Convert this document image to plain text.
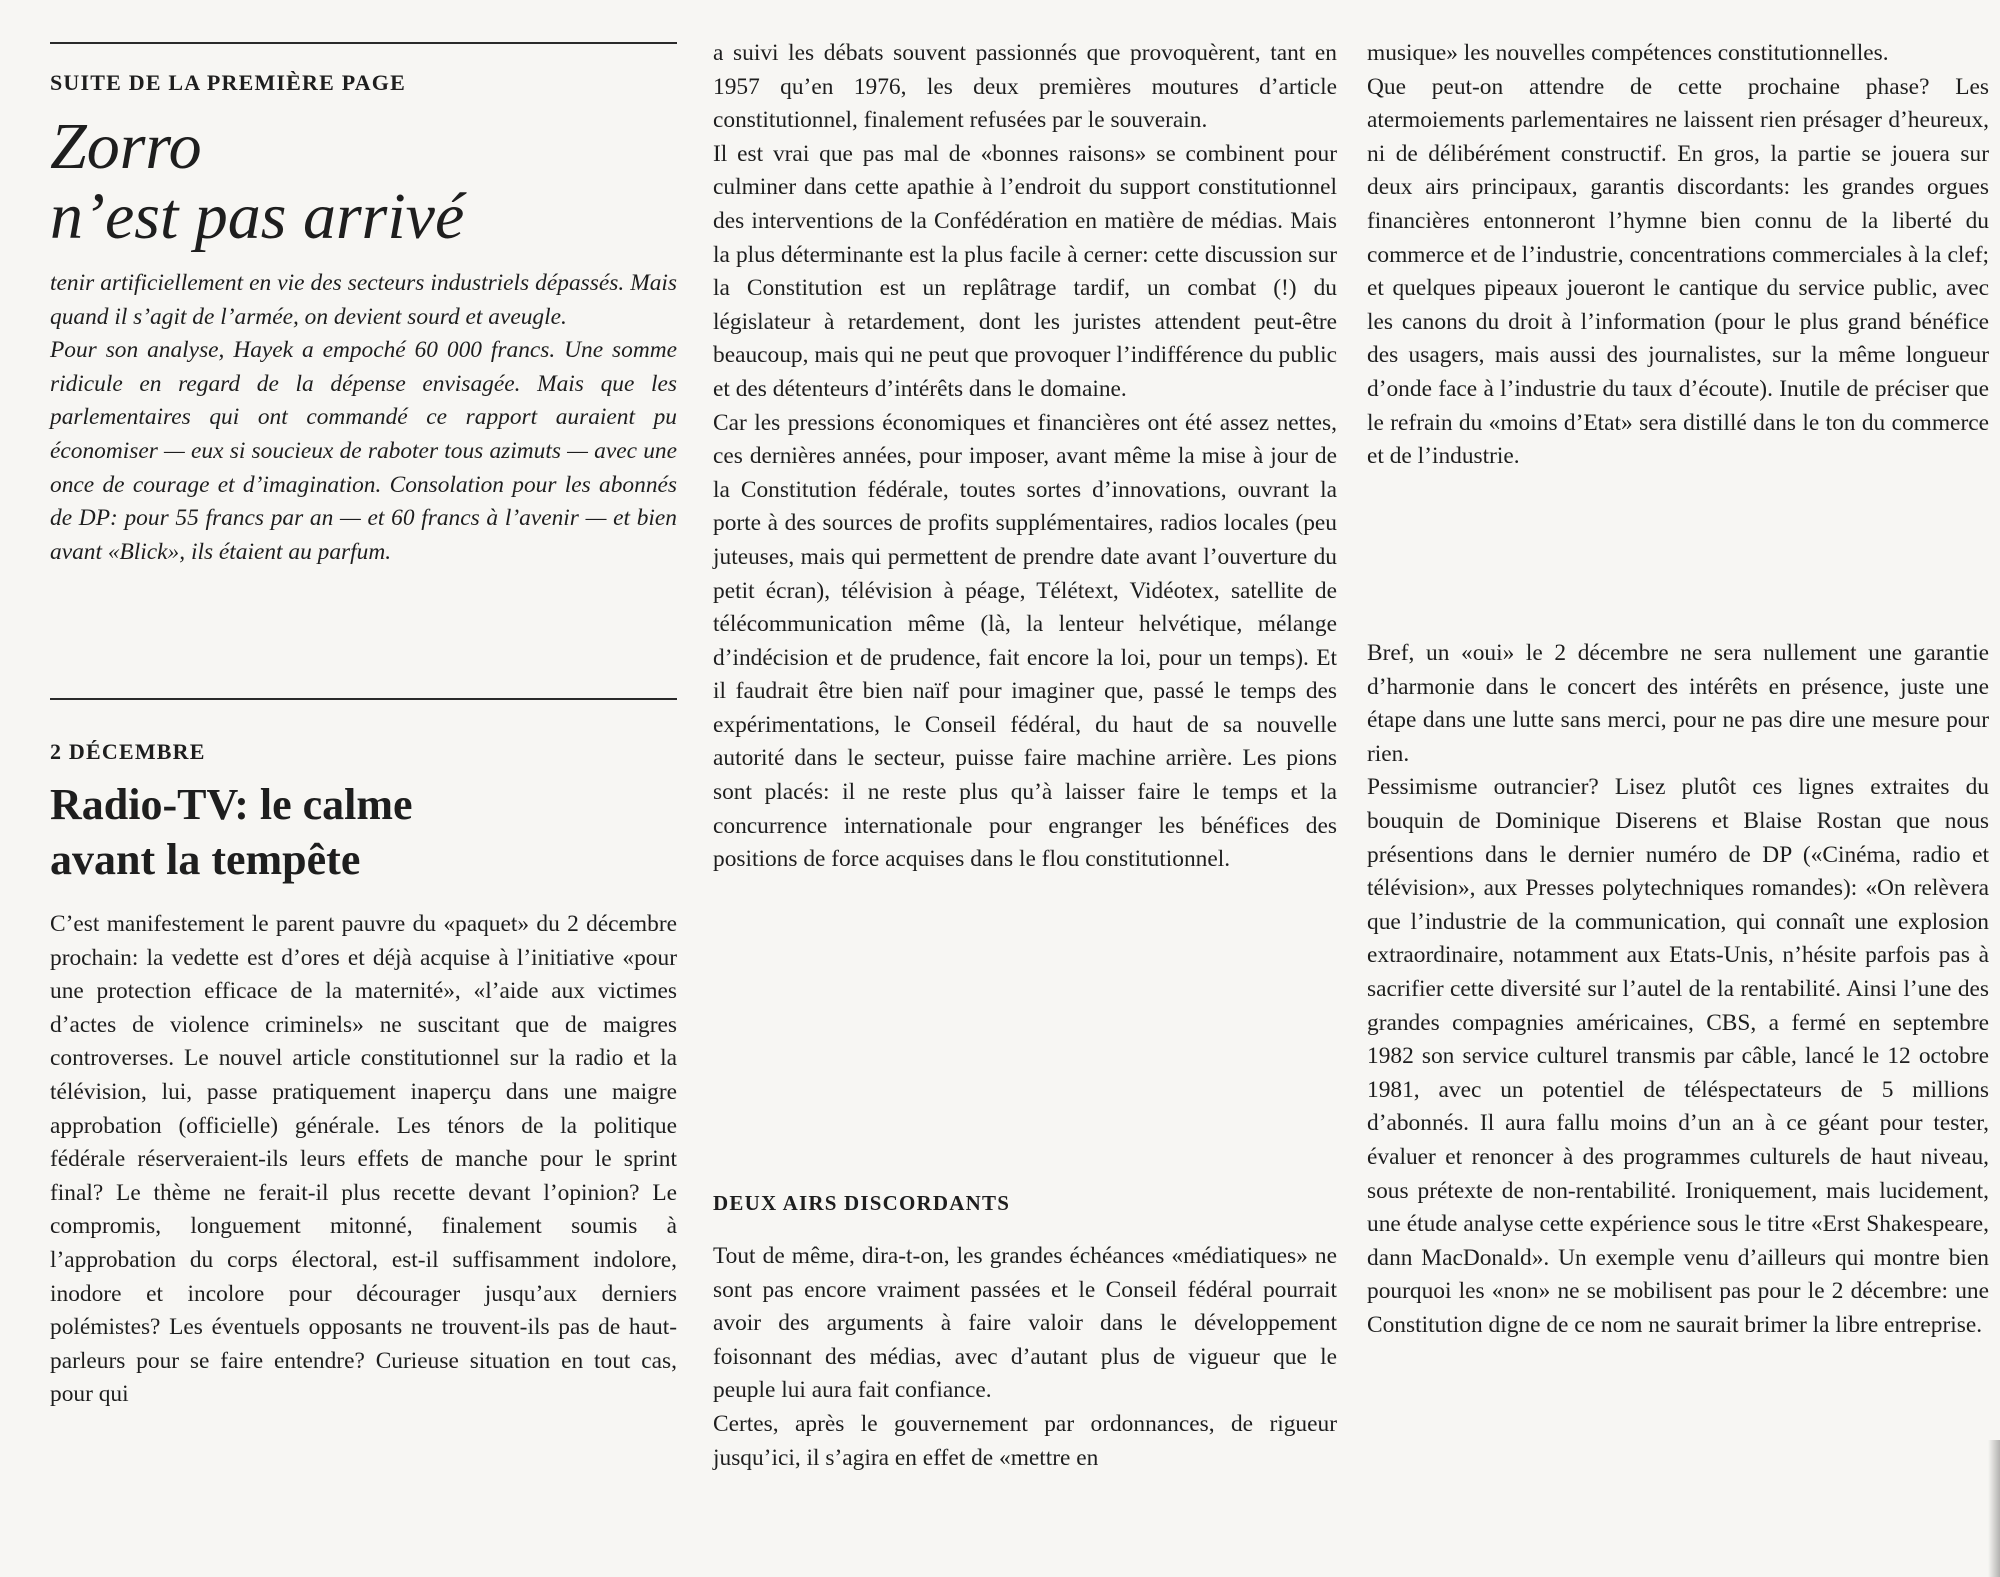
SUITE DE LA PREMIÈRE PAGE
Zorro
n’est pas arrivé

tenir artificiellement en vie des secteurs industriels dépassés. Mais quand il s’agit de l’armée, on devient sourd et aveugle.

Pour son analyse, Hayek a empoché 60 000 francs. Une somme ridicule en regard de la dépense envisagée. Mais que les parlementaires qui ont commandé ce rapport auraient pu économiser — eux si soucieux de raboter tous azimuts — avec une once de courage et d’imagination. Consolation pour les abonnés de DP: pour 55 francs par an — et 60 francs à l’avenir — et bien avant «Blick», ils étaient au parfum.

2 DÉCEMBRE
Radio-TV: le calme
avant la tempête

C’est manifestement le parent pauvre du «paquet» du 2 décembre prochain: la vedette est d’ores et déjà acquise à l’initiative «pour une protection efficace de la maternité», «l’aide aux victimes d’actes de violence criminels» ne suscitant que de maigres controverses. Le nouvel article constitutionnel sur la radio et la télévision, lui, passe pratiquement inaperçu dans une maigre approbation (officielle) générale. Les ténors de la politique fédérale réserveraient-ils leurs effets de manche pour le sprint final? Le thème ne ferait-il plus recette devant l’opinion? Le compromis, longuement mitonné, finalement soumis à l’approbation du corps électoral, est-il suffisamment indolore, inodore et incolore pour décourager jusqu’aux derniers polémistes? Les éventuels opposants ne trouvent-ils pas de haut-parleurs pour se faire entendre? Curieuse situation en tout cas, pour qui

a suivi les débats souvent passionnés que provoquèrent, tant en 1957 qu’en 1976, les deux premières moutures d’article constitutionnel, finalement refusées par le souverain.

Il est vrai que pas mal de «bonnes raisons» se combinent pour culminer dans cette apathie à l’endroit du support constitutionnel des interventions de la Confédération en matière de médias. Mais la plus déterminante est la plus facile à cerner: cette discussion sur la Constitution est un replâtrage tardif, un combat (!) du législateur à retardement, dont les juristes attendent peut-être beaucoup, mais qui ne peut que provoquer l’indifférence du public et des détenteurs d’intérêts dans le domaine.

Car les pressions économiques et financières ont été assez nettes, ces dernières années, pour imposer, avant même la mise à jour de la Constitution fédérale, toutes sortes d’innovations, ouvrant la porte à des sources de profits supplémentaires, radios locales (peu juteuses, mais qui permettent de prendre date avant l’ouverture du petit écran), télévision à péage, Télétext, Vidéotex, satellite de télécommunication même (là, la lenteur helvétique, mélange d’indécision et de prudence, fait encore la loi, pour un temps). Et il faudrait être bien naïf pour imaginer que, passé le temps des expérimentations, le Conseil fédéral, du haut de sa nouvelle autorité dans le secteur, puisse faire machine arrière. Les pions sont placés: il ne reste plus qu’à laisser faire le temps et la concurrence internationale pour engranger les bénéfices des positions de force acquises dans le flou constitutionnel.

DEUX AIRS DISCORDANTS

Tout de même, dira-t-on, les grandes échéances «médiatiques» ne sont pas encore vraiment passées et le Conseil fédéral pourrait avoir des arguments à faire valoir dans le développement foisonnant des médias, avec d’autant plus de vigueur que le peuple lui aura fait confiance.

Certes, après le gouvernement par ordonnances, de rigueur jusqu’ici, il s’agira en effet de «mettre en

musique» les nouvelles compétences constitutionnelles.

Que peut-on attendre de cette prochaine phase? Les atermoiements parlementaires ne laissent rien présager d’heureux, ni de délibérément constructif. En gros, la partie se jouera sur deux airs principaux, garantis discordants: les grandes orgues financières entonneront l’hymne bien connu de la liberté du commerce et de l’industrie, concentrations commerciales à la clef; et quelques pipeaux joueront le cantique du service public, avec les canons du droit à l’information (pour le plus grand bénéfice des usagers, mais aussi des journalistes, sur la même longueur d’onde face à l’industrie du taux d’écoute). Inutile de préciser que le refrain du «moins d’Etat» sera distillé dans le ton du commerce et de l’industrie.

Bref, un «oui» le 2 décembre ne sera nullement une garantie d’harmonie dans le concert des intérêts en présence, juste une étape dans une lutte sans merci, pour ne pas dire une mesure pour rien.

Pessimisme outrancier? Lisez plutôt ces lignes extraites du bouquin de Dominique Diserens et Blaise Rostan que nous présentions dans le dernier numéro de DP («Cinéma, radio et télévision», aux Presses polytechniques romandes): «On relèvera que l’industrie de la communication, qui connaît une explosion extraordinaire, notamment aux Etats-Unis, n’hésite parfois pas à sacrifier cette diversité sur l’autel de la rentabilité. Ainsi l’une des grandes compagnies américaines, CBS, a fermé en septembre 1982 son service culturel transmis par câble, lancé le 12 octobre 1981, avec un potentiel de téléspectateurs de 5 millions d’abonnés. Il aura fallu moins d’un an à ce géant pour tester, évaluer et renoncer à des programmes culturels de haut niveau, sous prétexte de non-rentabilité. Ironiquement, mais lucidement, une étude analyse cette expérience sous le titre «Erst Shakespeare, dann MacDonald». Un exemple venu d’ailleurs qui montre bien pourquoi les «non» ne se mobilisent pas pour le 2 décembre: une Constitution digne de ce nom ne saurait brimer la libre entreprise.
